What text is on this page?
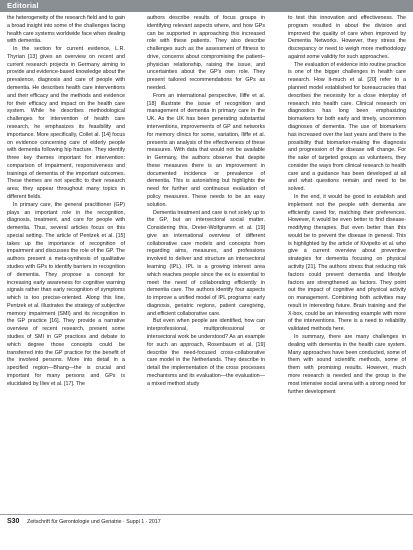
Editorial

the heterogeneity of the research field and to gain a broad insight into some of the challenges facing health care systems worldwide face when dealing with dementia.

In the section for current evidence, L.R. Thyrian [13] gives an overview on recent and current research projects in Germany aiming to provide and evidence-based knowledge about the prevalence, diagnosis and care of people with dementia. He describes health care interventions and their efficacy and the methods and evidence for their efficacy and impact on the health care system. While he describes methodological challenges for intervention of health care research, he emphasizes its feasibility and importance. More specifically, Collet al. [14] focus on evidence concerning care of elderly people with dementia following hip fracture. They identify three key themes important for intervention: comparison of impairment, responsiveness and trainings of dementia of the important outcomes. These themes are not specific to their research area; they appear throughout many topics in different fields.

In primary care, the general practitioner (GP) plays an important role in the recognition, diagnosis, treatment, and care for people with dementia. Thus, several articles focus on this special setting. The article of Pentzek et al. [15] takes up the importance of recognition of impairment and discusses the role of the GP. The authors present a meta-synthesis of qualitative studies with GPs to identify barriers in recognition of dementia. They propose a concept for increasing early awareness for cognitive warning signals rather than early recognition of symptoms which is too precise-oriented. Along this line, Pentzek et al. illustrates the strategy of subjective memory impairment (SMI) and its recognition in the GP practice [16]. They provide a narrative overview of recent research, present some studies of SMI in GP practices and debate to which degree those concepts could be transferred into the GP practice for the benefit of the involved persons. More into detail in a specified region—Bhang—the is crucial and important for many persons and GPs is elucidated by Iliev et al. [17]. The

authors describe results of focus groups in identifying relevant aspects where, and how GPs can be supported in approaching this increased role with these patients. They also describe challenges such as the assessment of fitness to drive, concerns about compromising the patient–physician relationship, raising the issue, and uncertainties about the GP's own role. They present tailored recommendations for GPs as needed.

From an international perspective, Iliffe et al. [18] illustrate the issue of recognition and management of dementia in primary care in the UK. As the UK has been generating substantial interventions, improvements of GP and networks for memory clinics for some, variation, Iliffe et al. presents an analysis of the effectiveness of these measures. With data that would not be available in Germany, the authors observe that despite these measures there is an improvement in documented incidence or prevalence of dementia. This is astonishing but highlights the need for further and continuous evaluation of policy measures. These needs to be an easy solution.

Dementia treatment and care is not solely up to the GP, but an intersectoral social matter. Considering this, Dreier-Wolfgramm et al. [19] give an international overview of different collaborative care models and concepts from regarding aims, measures, and professions involved to deliver and structure an intersectoral learning (IPL). IPL is a growing interest area which reaches people since the ex is essential to meet the need of collaborating efficiently in dementia care. The authors identify four aspects to improve a unified model of IPL programs: early diagnosis, geriatric regions, patient caregiving, and efficient collaborative care.

But even when people are identified, how can interprofessional, multiprofessional or intersectoral work be understood? As an example for such an approach, Rosenbaum et al. [19] describe the need-focused cross-collaborative care model in the Netherlands. They describe in detail the implementation of the cross processes mechanisms and its evaluation—the evaluation—a mixed method study

to test this innovation and effectiveness. The program resulted in about the division and improved the quality of care when improved by Dementia Networks. However, they stress the discrepancy or need to weigh more methodology against some validity for such approaches.

The evaluation of evidence into routine practice is one of the bigger challenges in health care research. How it-much et al. [20] refer to a planned model established for bureaucracies that describes the necessity for a close interplay of research into health care. Clinical research on diagnostics has long been emphasizing biomarkers for both early and timely, uncommon diagnoses of dementia. The use of biomarkers has increased over the last years and there is the possibility that biomarker-making the diagnosis and progression of the disease will change. For the sake of targeted groups as volunteers, they consider the ways from clinical research to health care and a guidance has been developed at all and what questions remain and need to be solved.

In the end, it would be good to establish and implement not the people with dementia are efficiently cared for, matching their preferences. However, it would be even better to find disease-modifying therapies. But even better than this would be to prevent the disease in general. This is highlighted by the article of Kivipelto et al. who give a current overview about preventive strategies for dementia focusing on physical activity [21]. The authors stress that reducing risk factors could prevent dementia and lifestyle factors are strengthened as factors. They point out the impact of cognitive and physical activity on management. Combining both activities may result in interesting future. Brain training and the X-box, could be an interesting example with more of the interventions. There is a need to reliability validated methods here.

In summary, there are many challenges in dealing with dementia in the health care system. Many approaches have been conducted, some of them with sound scientific methods, some of them with promising results. However, much more research is needed and the group is the most intensive social arena with a strong need for further development

S30 Zeitschrift für Gerontologie und Geriatrie · Suppl 1 · 2017
